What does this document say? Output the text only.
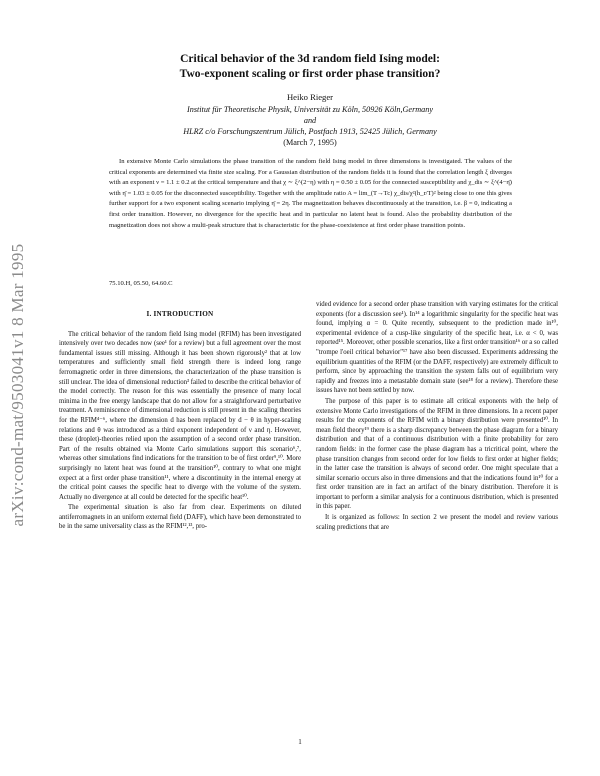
arXiv:cond-mat/9503041v1 8 Mar 1995
Critical behavior of the 3d random field Ising model:
Two-exponent scaling or first order phase transition?
Heiko Rieger
Institut für Theoretische Physik, Universität zu Köln, 50926 Köln,Germany
and
HLRZ c/o Forschungszentrum Jülich, Postfach 1913, 52425 Jülich, Germany
(March 7, 1995)

In extensive Monte Carlo simulations the phase transition of the random field Ising model in three dimensions is investigated. The values of the critical exponents are determined via finite size scaling. For a Gaussian distribution of the random fields it is found that the correlation length ξ diverges with an exponent ν = 1.1 ± 0.2 at the critical temperature and that χ ∼ ξ^(2−η) with η = 0.50 ± 0.05 for the connected susceptibility and χ_dis ∼ ξ^(4−η̄) with η̄ = 1.03 ± 0.05 for the disconnected susceptibility. Together with the amplitude ratio A = lim_(T→Tc) χ_dis/χ²(h_r/T)² being close to one this gives further support for a two exponent scaling scenario implying η̄ = 2η. The magnetization behaves discontinuously at the transition, i.e. β = 0, indicating a first order transition. However, no divergence for the specific heat and in particular no latent heat is found. Also the probability distribution of the magnetization does not show a multi-peak structure that is characteristic for the phase-coexistence at first order phase transition points.

75.10.H, 05.50, 64.60.C
I. INTRODUCTION

The critical behavior of the random field Ising model (RFIM) has been investigated intensively over two decades now (see¹ for a review) but a full agreement over the most fundamental issues still missing. Although it has been shown rigorously² that at low temperatures and sufficiently small field strength there is indeed long range ferromagnetic order in three dimensions, the characterization of the phase transition is still unclear. The idea of dimensional reduction³ failed to describe the critical behavior of the model correctly. The reason for this was essentially the presence of many local minima in the free energy landscape that do not allow for a straightforward perturbative treatment. A reminiscence of dimensional reduction is still present in the scaling theories for the RFIM⁴⁻⁶, where the dimension d has been replaced by d − θ in hyper-scaling relations and θ was introduced as a third exponent independent of ν and η. However, these (droplet)-theories relied upon the assumption of a second order phase transition. Part of the results obtained via Monte Carlo simulations support this scenario⁶,⁷, whereas other simulations find indications for the transition to be of first order⁹,¹⁰. More surprisingly no latent heat was found at the transition¹⁰, contrary to what one might expect at a first order phase transition¹¹, where a discontinuity in the internal energy at the critical point causes the specific heat to diverge with the volume of the system. Actually no divergence at all could be detected for the specific heat¹⁰.

The experimental situation is also far from clear. Experiments on diluted antiferromagnets in an uniform external field (DAFF), which have been demonstrated to be in the same universality class as the RFIM¹²,¹³, pro-

vided evidence for a second order phase transition with varying estimates for the critical exponents (for a discussion see¹). In¹⁴ a logarithmic singularity for the specific heat was found, implying α = 0. Quite recently, subsequent to the prediction made in¹⁰, experimental evidence of a cusp-like singularity of the specific heat, i.e. α < 0, was reported¹⁵. Moreover, other possible scenarios, like a first order transition¹⁶ or a so called "trompe l'oeil critical behavior"¹⁷ have also been discussed. Experiments addressing the equilibrium quantities of the RFIM (or the DAFF, respectively) are extremely difficult to perform, since by approaching the transition the system falls out of equilibrium very rapidly and freezes into a metastable domain state (see¹⁸ for a review). Therefore these issues have not been settled by now.

The purpose of this paper is to estimate all critical exponents with the help of extensive Monte Carlo investigations of the RFIM in three dimensions. In a recent paper results for the exponents of the RFIM with a binary distribution were presented¹⁰. In mean field theory¹⁹ there is a sharp discrepancy between the phase diagram for a binary distribution and that of a continuous distribution with a finite probability for zero random fields: in the former case the phase diagram has a tricritical point, where the phase transition changes from second order for low fields to first order at higher fields; in the latter case the transition is always of second order. One might speculate that a similar scenario occurs also in three dimensions and that the indications found in¹⁰ for a first order transition are in fact an artifact of the binary distribution. Therefore it is important to perform a similar analysis for a continuous distribution, which is presented in this paper.

It is organized as follows: In section 2 we present the model and review various scaling predictions that are

1
